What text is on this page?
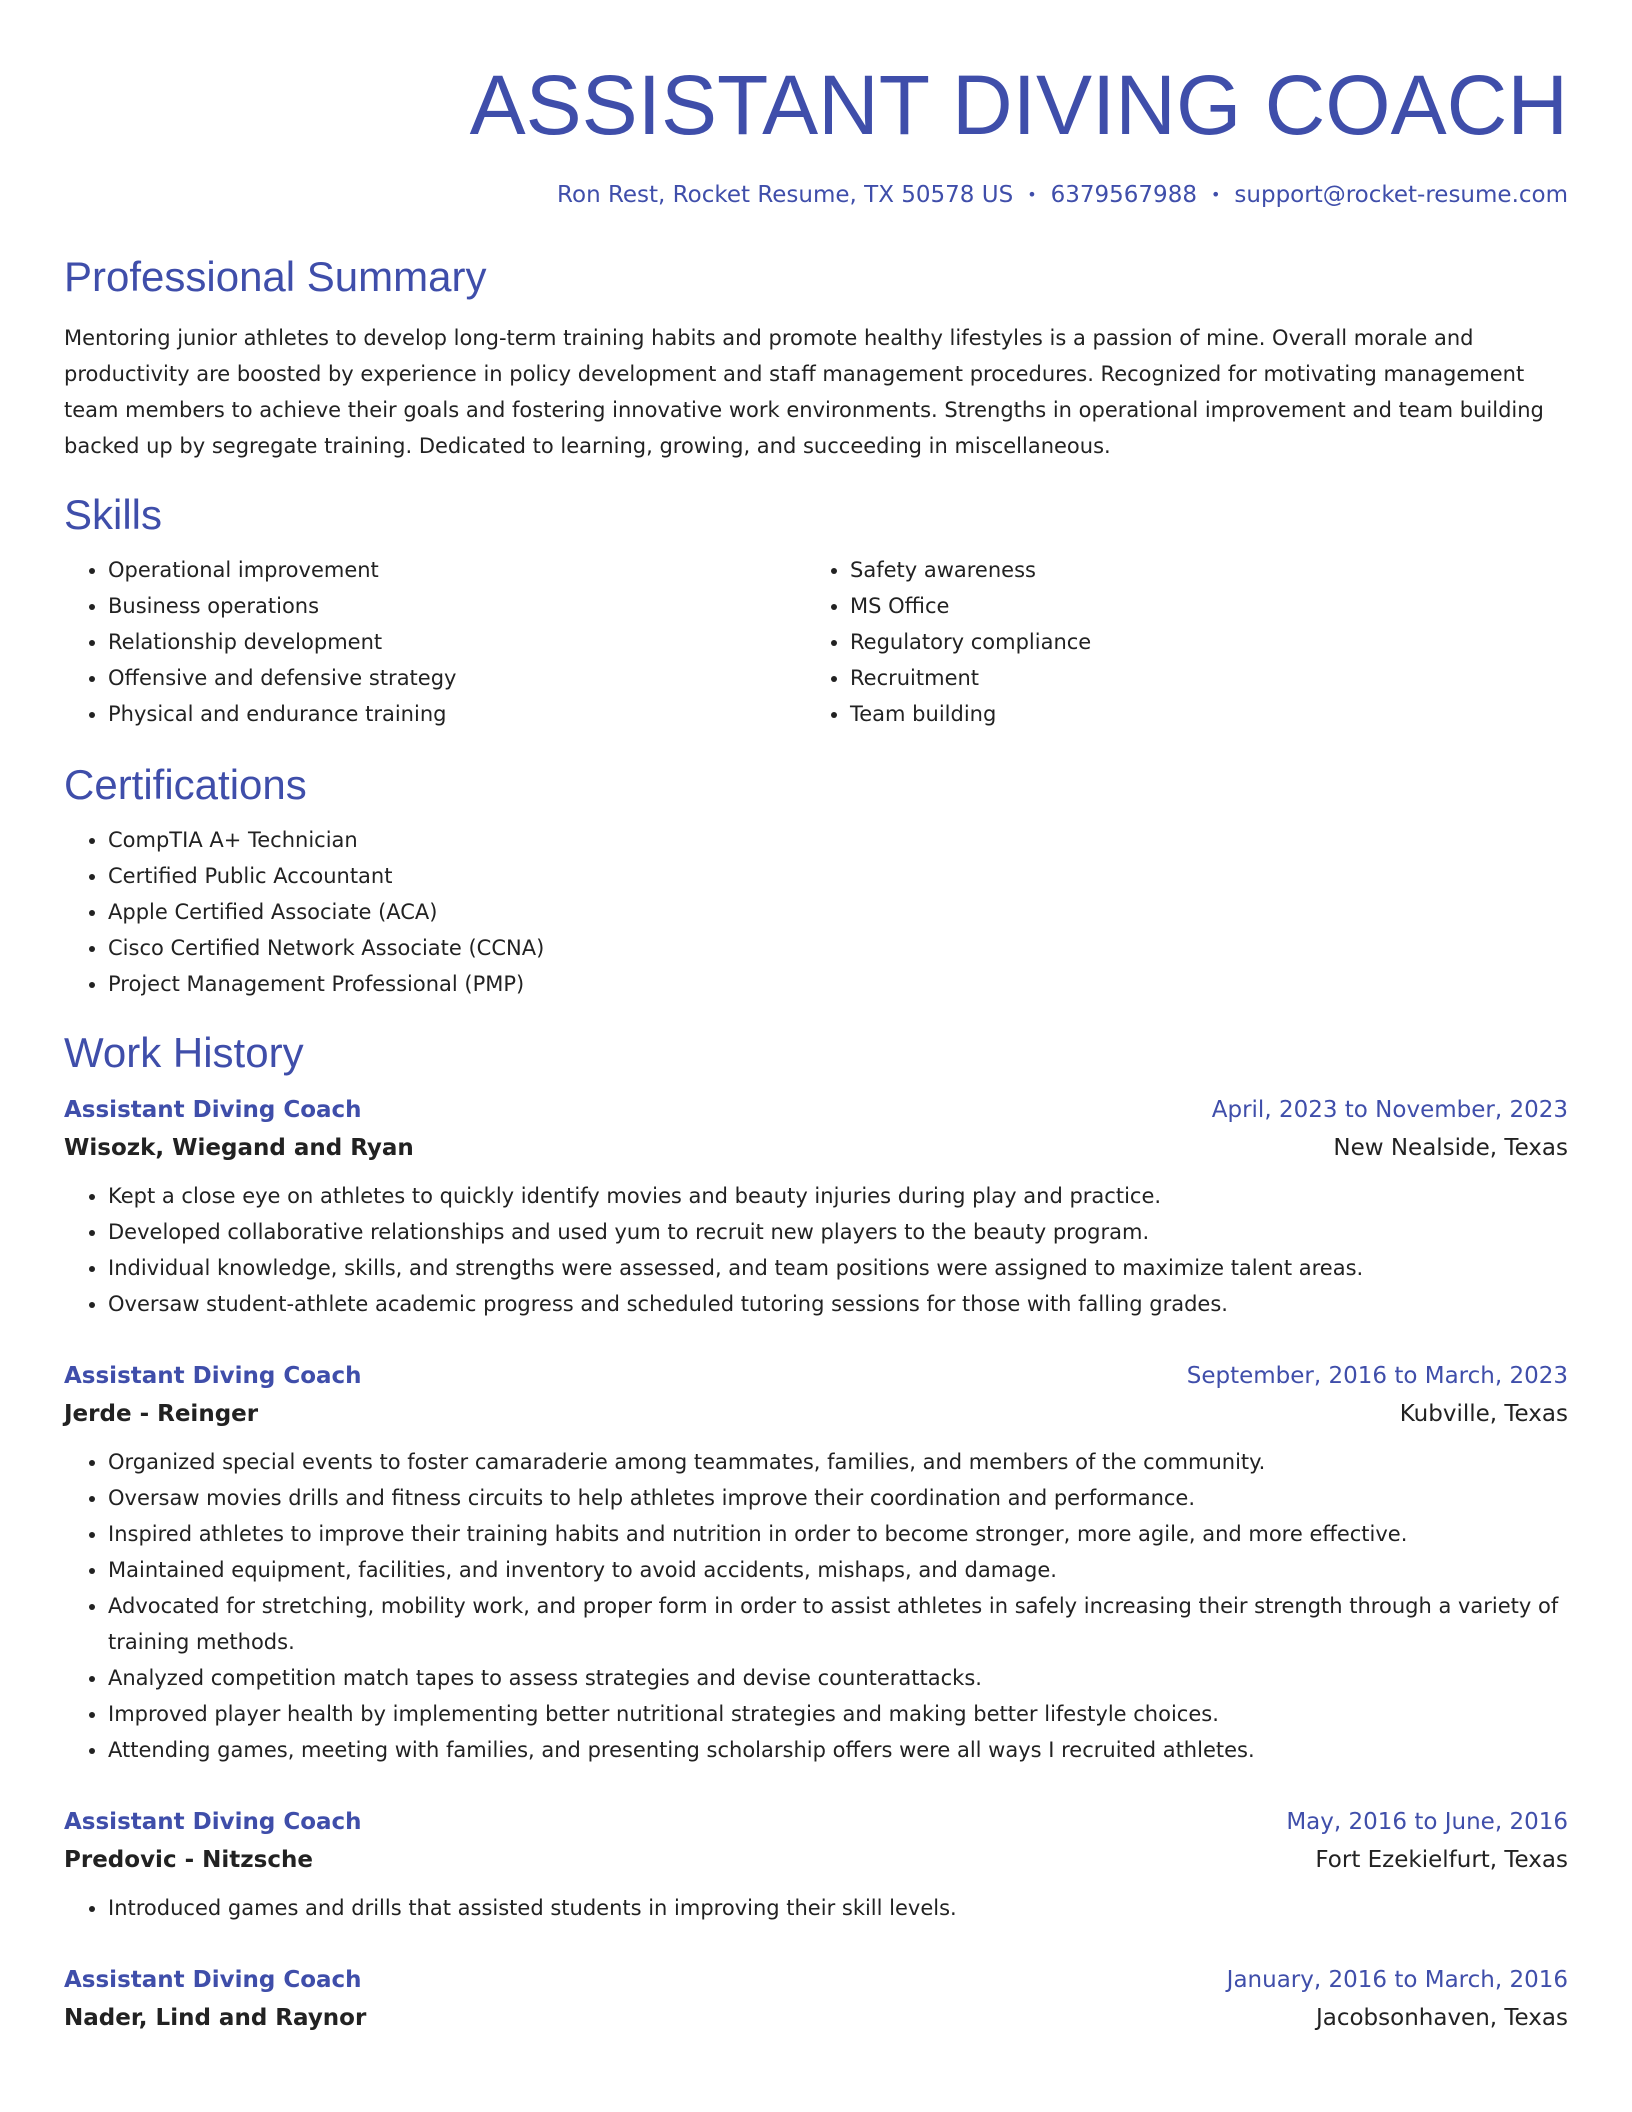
ASSISTANT DIVING COACH
Ron Rest, Rocket Resume, TX 50578 US • 6379567988 • support@rocket-resume.com
Professional Summary
Mentoring junior athletes to develop long-term training habits and promote healthy lifestyles is a passion of mine. Overall morale and productivity are boosted by experience in policy development and staff management procedures. Recognized for motivating management team members to achieve their goals and fostering innovative work environments. Strengths in operational improvement and team building backed up by segregate training. Dedicated to learning, growing, and succeeding in miscellaneous.
Skills
• Operational improvement
• Business operations
• Relationship development
• Offensive and defensive strategy
• Physical and endurance training
• Safety awareness
• MS Office
• Regulatory compliance
• Recruitment
• Team building
Certifications
• CompTIA A+ Technician
• Certified Public Accountant
• Apple Certified Associate (ACA)
• Cisco Certified Network Associate (CCNA)
• Project Management Professional (PMP)
Work History
Assistant Diving Coach	April, 2023 to November, 2023
Wisozk, Wiegand and Ryan	New Nealside, Texas
• Kept a close eye on athletes to quickly identify movies and beauty injuries during play and practice.
• Developed collaborative relationships and used yum to recruit new players to the beauty program.
• Individual knowledge, skills, and strengths were assessed, and team positions were assigned to maximize talent areas.
• Oversaw student-athlete academic progress and scheduled tutoring sessions for those with falling grades.
Assistant Diving Coach	September, 2016 to March, 2023
Jerde - Reinger	Kubville, Texas
• Organized special events to foster camaraderie among teammates, families, and members of the community.
• Oversaw movies drills and fitness circuits to help athletes improve their coordination and performance.
• Inspired athletes to improve their training habits and nutrition in order to become stronger, more agile, and more effective.
• Maintained equipment, facilities, and inventory to avoid accidents, mishaps, and damage.
• Advocated for stretching, mobility work, and proper form in order to assist athletes in safely increasing their strength through a variety of training methods.
• Analyzed competition match tapes to assess strategies and devise counterattacks.
• Improved player health by implementing better nutritional strategies and making better lifestyle choices.
• Attending games, meeting with families, and presenting scholarship offers were all ways I recruited athletes.
Assistant Diving Coach	May, 2016 to June, 2016
Predovic - Nitzsche	Fort Ezekielfurt, Texas
• Introduced games and drills that assisted students in improving their skill levels.
Assistant Diving Coach	January, 2016 to March, 2016
Nader, Lind and Raynor	Jacobsonhaven, Texas
